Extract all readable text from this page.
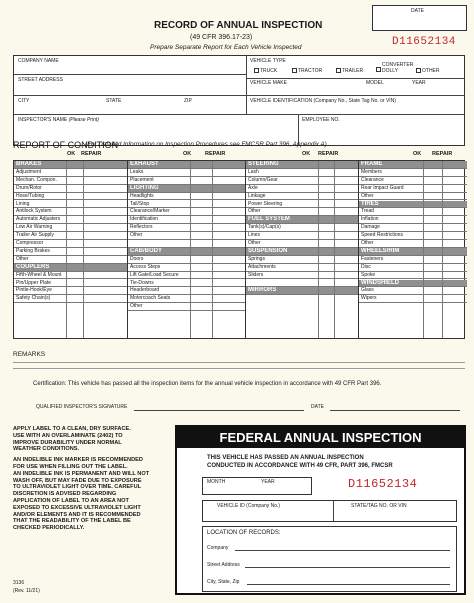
RECORD OF ANNUAL INSPECTION
(49 CFR 396.17-23)
Prepare Separate Report for Each Vehicle Inspected
DATE
D11652134
COMPANY NAME	VEHICLE TYPE
TRUCK	TRACTOR	TRAILER
CONVERTER
DOLLY	OTHER
STREET ADDRESS	VEHICLE MAKE	MODEL	YEAR
CITY	STATE	ZIP	VEHICLE IDENTIFICATION (Company No., State Tag No. or VIN)
INSPECTOR'S NAME (Please Print)	EMPLOYEE NO.
REPORT OF CONDITION
(For Detailed Information on Inspection Procedures see FMCSR Part 396, Appendix A)
OK REPAIR	OK	REPAIR	OK REPAIR	OK REPAIR
BRAKES
Adjustment
Mechan. Compon.
Drum/Rotor
Hose/Tubing
Lining
Antilock System
Automatic Adjusters
Low Air Warning
Trailer Air Supply
Compressor
Parking Brakes
Other
COUPLERS
Fifth-Wheel & Mount
Pin/Upper Plate
Pintle-Hook/Eye
Safety Chain(s)
EXHAUST
Leaks
Placement
LIGHTING
Headlights
Tail/Stop
Clearance/Marker
Identification
Reflectors
Other
CAB/BODY
Doors
Access Steps
Lift Gate/Load Secure
Tie-Downs
Headerboard
Motorcoach Seats
Other
STEERING
Lash
Column/Gear
Axle
Linkage
Power Steering
Other
FUEL SYSTEM
Tank(s)/Cap(s)
Lines
Other
SUSPENSION
Springs
Attachments
Sliders
MIRRORS
FRAME
Members
Clearance
Rear Impact Guard
Other
TIRES
Tread
Inflation
Damage
Speed Restrictions
Other
WHEELS/RIM
Fasteners
Disc
Spoke
WINDSHIELD
Glass
Wipers
REMARKS
Certification: This vehicle has passed all the inspection items for the annual vehicle inspection in accordance with 49 CFR Part 396.
QUALIFIED INSPECTOR'S SIGNATURE	DATE
APPLY LABEL TO A CLEAN, DRY SURFACE.
USE WITH AN OVERLAMINATE (2402) TO
IMPROVE DURABILITY UNDER NORMAL
WEATHER CONDITIONS.

AN INDELIBLE INK MARKER IS RECOMMENDED
FOR USE WHEN FILLING OUT THE LABEL.
AN INDELIBLE INK IS PERMANENT AND WILL NOT
WASH OFF, BUT MAY FADE DUE TO EXPOSURE
TO ULTRAVIOLET LIGHT OVER TIME. CAREFUL
DISCRETION IS ADVISED REGARDING
APPLICATION OF LABEL TO AN AREA NOT
EXPOSED TO EXCESSIVE ULTRAVIOLET LIGHT
AND/OR ELEMENTS AND IT IS RECOMMENDED
THAT THE READABILITY OF THE LABEL BE
CHECKED PERIODICALLY.
FEDERAL ANNUAL INSPECTION
THIS VEHICLE HAS PASSED AN ANNUAL INSPECTION
CONDUCTED IN ACCORDANCE WITH 49 CFR, PART 396, FMCSR
D11652134
MONTH	YEAR
VEHICLE ID (Company No.)	STATE/TAG NO. OR VIN
LOCATION OF RECORDS:
Company
Street Address
City, State, Zip
3136
(Rev. 11/21)
